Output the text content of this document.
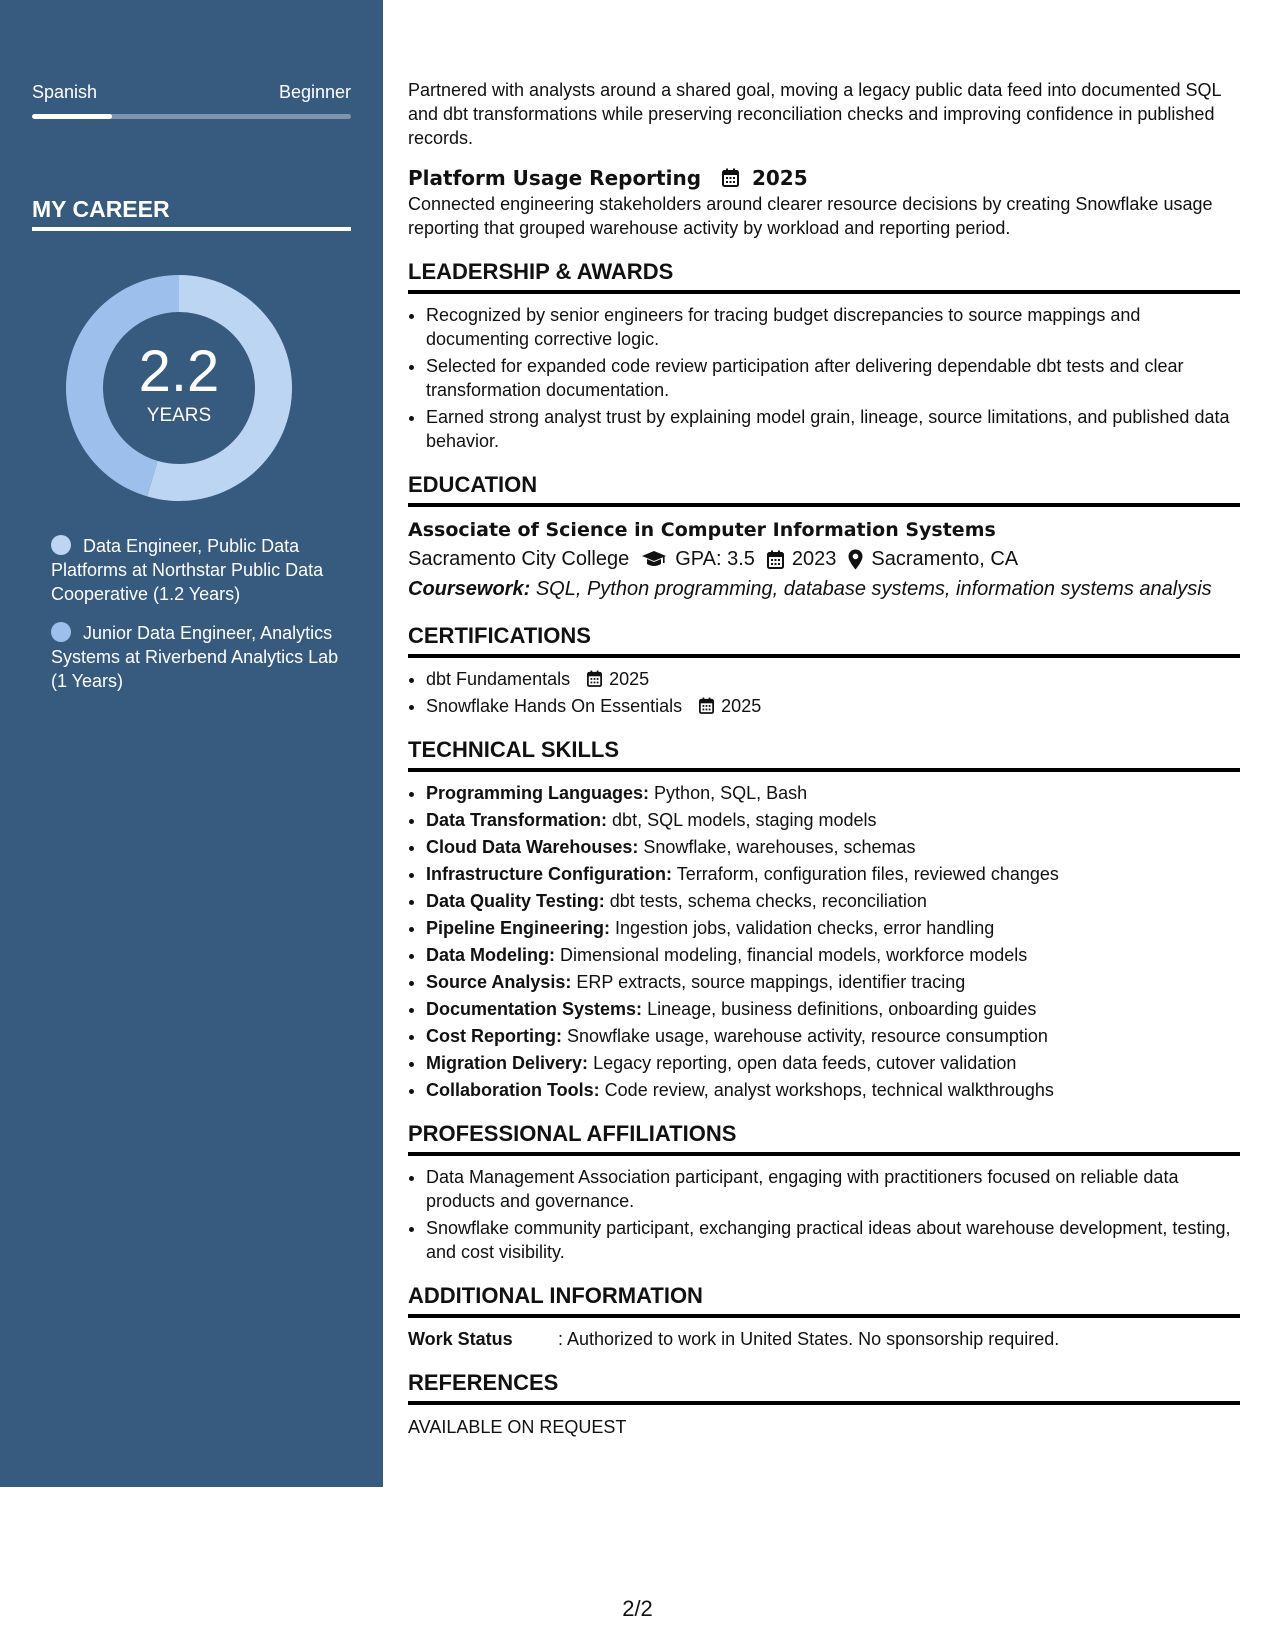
Spanish	Beginner
MY CAREER
2.2
YEARS
Data Engineer, Public Data Platforms at Northstar Public Data Cooperative (1.2 Years)
Junior Data Engineer, Analytics Systems at Riverbend Analytics Lab (1 Years)

Partnered with analysts around a shared goal, moving a legacy public data feed into documented SQL and dbt transformations while preserving reconciliation checks and improving confidence in published records.

Platform Usage Reporting	2025

Connected engineering stakeholders around clearer resource decisions by creating Snowflake usage reporting that grouped warehouse activity by workload and reporting period.

LEADERSHIP & AWARDS
• Recognized by senior engineers for tracing budget discrepancies to source mappings and documenting corrective logic.
• Selected for expanded code review participation after delivering dependable dbt tests and clear transformation documentation.
• Earned strong analyst trust by explaining model grain, lineage, source limitations, and published data behavior.
EDUCATION
Associate of Science in Computer Information Systems
Sacramento City College GPA: 3.5 2023 Sacramento, CA
Coursework: SQL, Python programming, database systems, information systems analysis
CERTIFICATIONS
• dbt Fundamentals 2025
• Snowflake Hands On Essentials 2025
TECHNICAL SKILLS
• Programming Languages: Python, SQL, Bash
• Data Transformation: dbt, SQL models, staging models
• Cloud Data Warehouses: Snowflake, warehouses, schemas
• Infrastructure Configuration: Terraform, configuration files, reviewed changes
• Data Quality Testing: dbt tests, schema checks, reconciliation
• Pipeline Engineering: Ingestion jobs, validation checks, error handling
• Data Modeling: Dimensional modeling, financial models, workforce models
• Source Analysis: ERP extracts, source mappings, identifier tracing
• Documentation Systems: Lineage, business definitions, onboarding guides
• Cost Reporting: Snowflake usage, warehouse activity, resource consumption
• Migration Delivery: Legacy reporting, open data feeds, cutover validation
• Collaboration Tools: Code review, analyst workshops, technical walkthroughs
PROFESSIONAL AFFILIATIONS
• Data Management Association participant, engaging with practitioners focused on reliable data products and governance.
• Snowflake community participant, exchanging practical ideas about warehouse development, testing, and cost visibility.
ADDITIONAL INFORMATION
Work Status	: Authorized to work in United States. No sponsorship required.
REFERENCES
AVAILABLE ON REQUEST
2/2
